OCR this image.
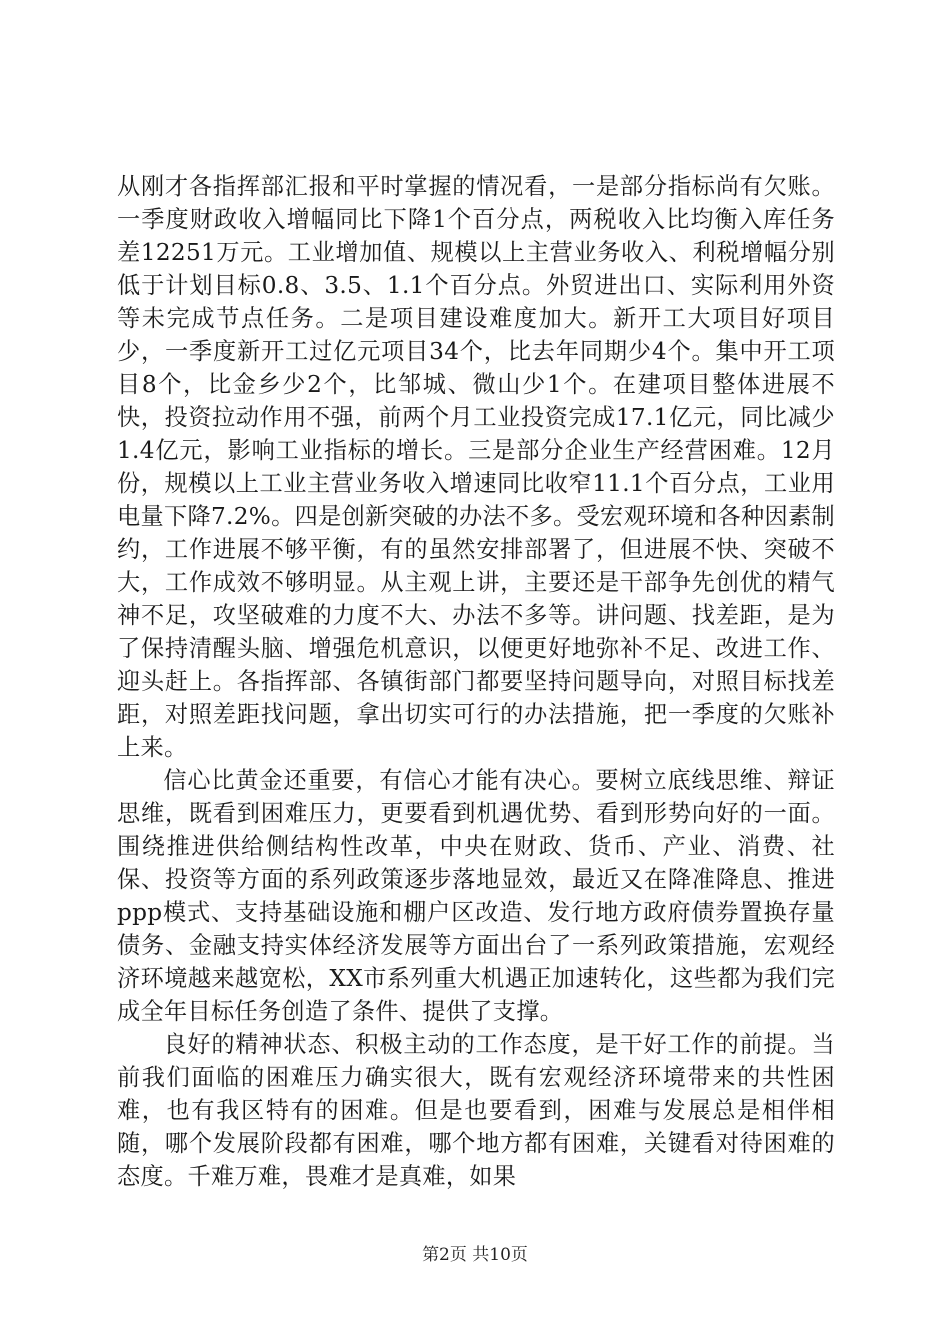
从刚才各指挥部汇报和平时掌握的情况看，一是部分指标尚有欠账。一季度财政收入增幅同比下降1个百分点，两税收入比均衡入库任务差12251万元。工业增加值、规模以上主营业务收入、利税增幅分别低于计划目标0.8、3.5、1.1个百分点。外贸进出口、实际利用外资等未完成节点任务。二是项目建设难度加大。新开工大项目好项目少，一季度新开工过亿元项目34个，比去年同期少4个。集中开工项目8个，比金乡少2个，比邹城、微山少1个。在建项目整体进展不快，投资拉动作用不强，前两个月工业投资完成17.1亿元，同比减少1.4亿元，影响工业指标的增长。三是部分企业生产经营困难。12月份，规模以上工业主营业务收入增速同比收窄11.1个百分点，工业用电量下降7.2%。四是创新突破的办法不多。受宏观环境和各种因素制约，工作进展不够平衡，有的虽然安排部署了，但进展不快、突破不大，工作成效不够明显。从主观上讲，主要还是干部争先创优的精气神不足，攻坚破难的力度不大、办法不多等。讲问题、找差距，是为了保持清醒头脑、增强危机意识，以便更好地弥补不足、改进工作、迎头赶上。各指挥部、各镇街部门都要坚持问题导向，对照目标找差距，对照差距找问题，拿出切实可行的办法措施，把一季度的欠账补上来。

信心比黄金还重要，有信心才能有决心。要树立底线思维、辩证思维，既看到困难压力，更要看到机遇优势、看到形势向好的一面。围绕推进供给侧结构性改革，中央在财政、货币、产业、消费、社保、投资等方面的系列政策逐步落地显效，最近又在降准降息、推进ppp模式、支持基础设施和棚户区改造、发行地方政府债券置换存量债务、金融支持实体经济发展等方面出台了一系列政策措施，宏观经济环境越来越宽松，XX市系列重大机遇正加速转化，这些都为我们完成全年目标任务创造了条件、提供了支撑。

良好的精神状态、积极主动的工作态度，是干好工作的前提。当前我们面临的困难压力确实很大，既有宏观经济环境带来的共性困难，也有我区特有的困难。但是也要看到，困难与发展总是相伴相随，哪个发展阶段都有困难，哪个地方都有困难，关键看对待困难的态度。千难万难，畏难才是真难，如果

第2页 共10页
